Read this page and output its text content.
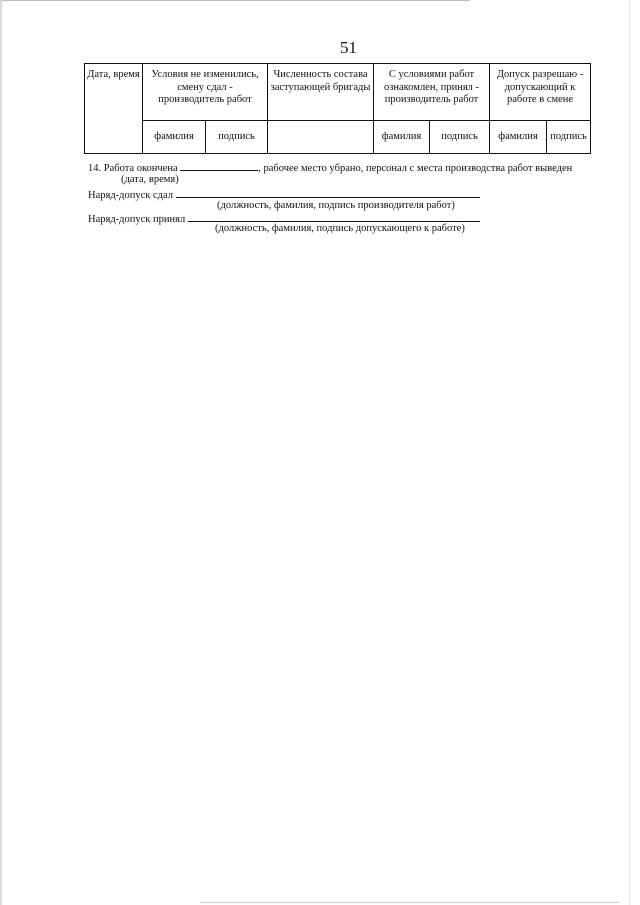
51
Дата, время	Условия не изменились, смену сдал - производитель работ		Численность состава заступающей бригады	С условиями работ ознакомлен, принял - производитель работ		Допуск разрешаю - допускающий к работе в смене	
	фамилия	подпись		фамилия	подпись	фамилия	подпись
14. Работа окончена	, рабочее место убрано, персонал с места производства работ выведен
(дата, время)
Наряд-допуск сдал
(должность, фамилия, подпись производителя работ)
Наряд-допуск принял
(должность, фамилия, подпись допускающего к работе)
